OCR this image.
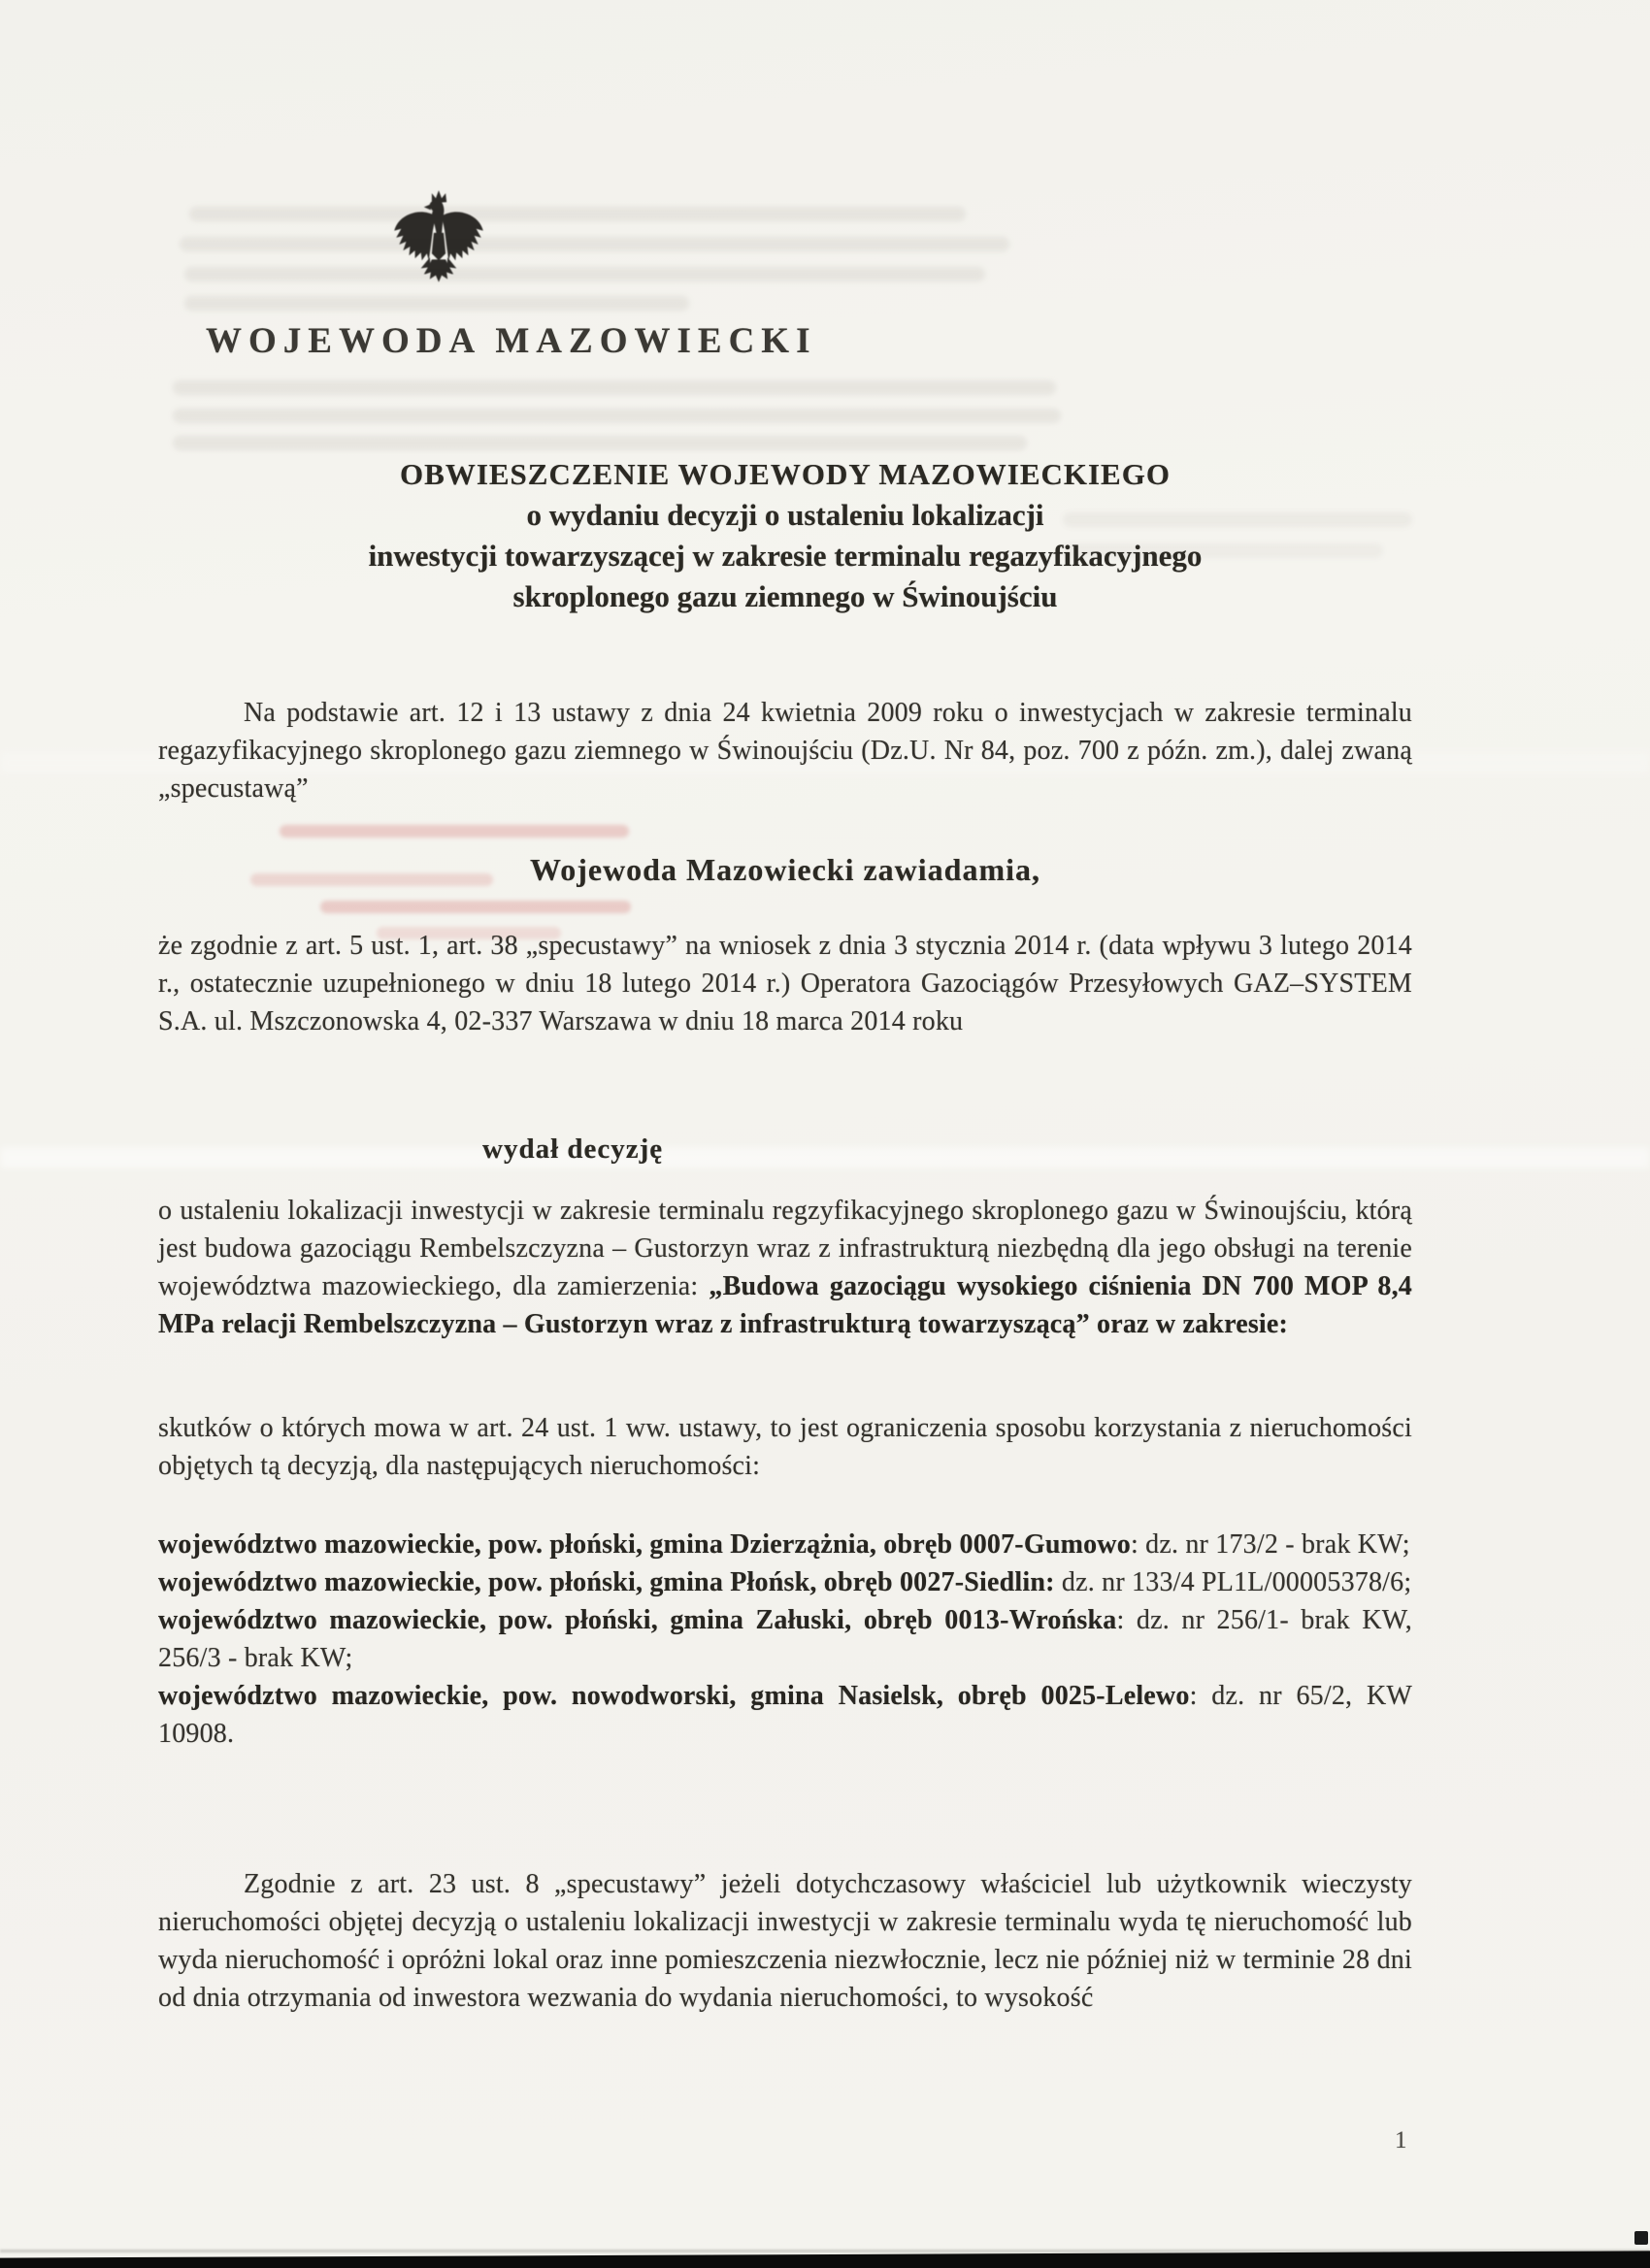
WOJEWODA MAZOWIECKI
OBWIESZCZENIE WOJEWODY MAZOWIECKIEGO
o wydaniu decyzji o ustaleniu lokalizacji
inwestycji towarzyszącej w zakresie terminalu regazyfikacyjnego
skroplonego gazu ziemnego w Świnoujściu
Na podstawie art. 12 i 13 ustawy z dnia 24 kwietnia 2009 roku o inwestycjach w zakresie terminalu regazyfikacyjnego skroplonego gazu ziemnego w Świnoujściu (Dz.U. Nr 84, poz. 700 z późn. zm.), dalej zwaną „specustawą”
Wojewoda Mazowiecki zawiadamia,
że zgodnie z art. 5 ust. 1, art. 38 „specustawy” na wniosek z dnia 3 stycznia 2014 r. (data wpływu 3 lutego 2014 r., ostatecznie uzupełnionego w dniu 18 lutego 2014 r.) Operatora Gazociągów Przesyłowych GAZ–SYSTEM S.A. ul. Mszczonowska 4, 02-337 Warszawa w dniu 18 marca 2014 roku
wydał decyzję
o ustaleniu lokalizacji inwestycji w zakresie terminalu regzyfikacyjnego skroplonego gazu w Świnoujściu, którą jest budowa gazociągu Rembelszczyzna – Gustorzyn wraz z infrastrukturą niezbędną dla jego obsługi na terenie województwa mazowieckiego, dla zamierzenia: „Budowa gazociągu wysokiego ciśnienia DN 700 MOP 8,4 MPa relacji Rembelszczyzna – Gustorzyn wraz z infrastrukturą towarzyszącą” oraz w zakresie:
skutków o których mowa w art. 24 ust. 1 ww. ustawy, to jest ograniczenia sposobu korzystania z nieruchomości objętych tą decyzją, dla następujących nieruchomości:
województwo mazowieckie, pow. płoński, gmina Dzierzążnia, obręb 0007-Gumowo: dz. nr 173/2 - brak KW;
województwo mazowieckie, pow. płoński, gmina Płońsk, obręb 0027-Siedlin: dz. nr 133/4 PL1L/00005378/6;
województwo mazowieckie, pow. płoński, gmina Załuski, obręb 0013-Wrońska: dz. nr 256/1- brak KW, 256/3 - brak KW;
województwo mazowieckie, pow. nowodworski, gmina Nasielsk, obręb 0025-Lelewo: dz. nr 65/2, KW 10908.
Zgodnie z art. 23 ust. 8 „specustawy” jeżeli dotychczasowy właściciel lub użytkownik wieczysty nieruchomości objętej decyzją o ustaleniu lokalizacji inwestycji w zakresie terminalu wyda tę nieruchomość lub wyda nieruchomość i opróżni lokal oraz inne pomieszczenia niezwłocznie, lecz nie później niż w terminie 28 dni od dnia otrzymania od inwestora wezwania do wydania nieruchomości, to wysokość
1
